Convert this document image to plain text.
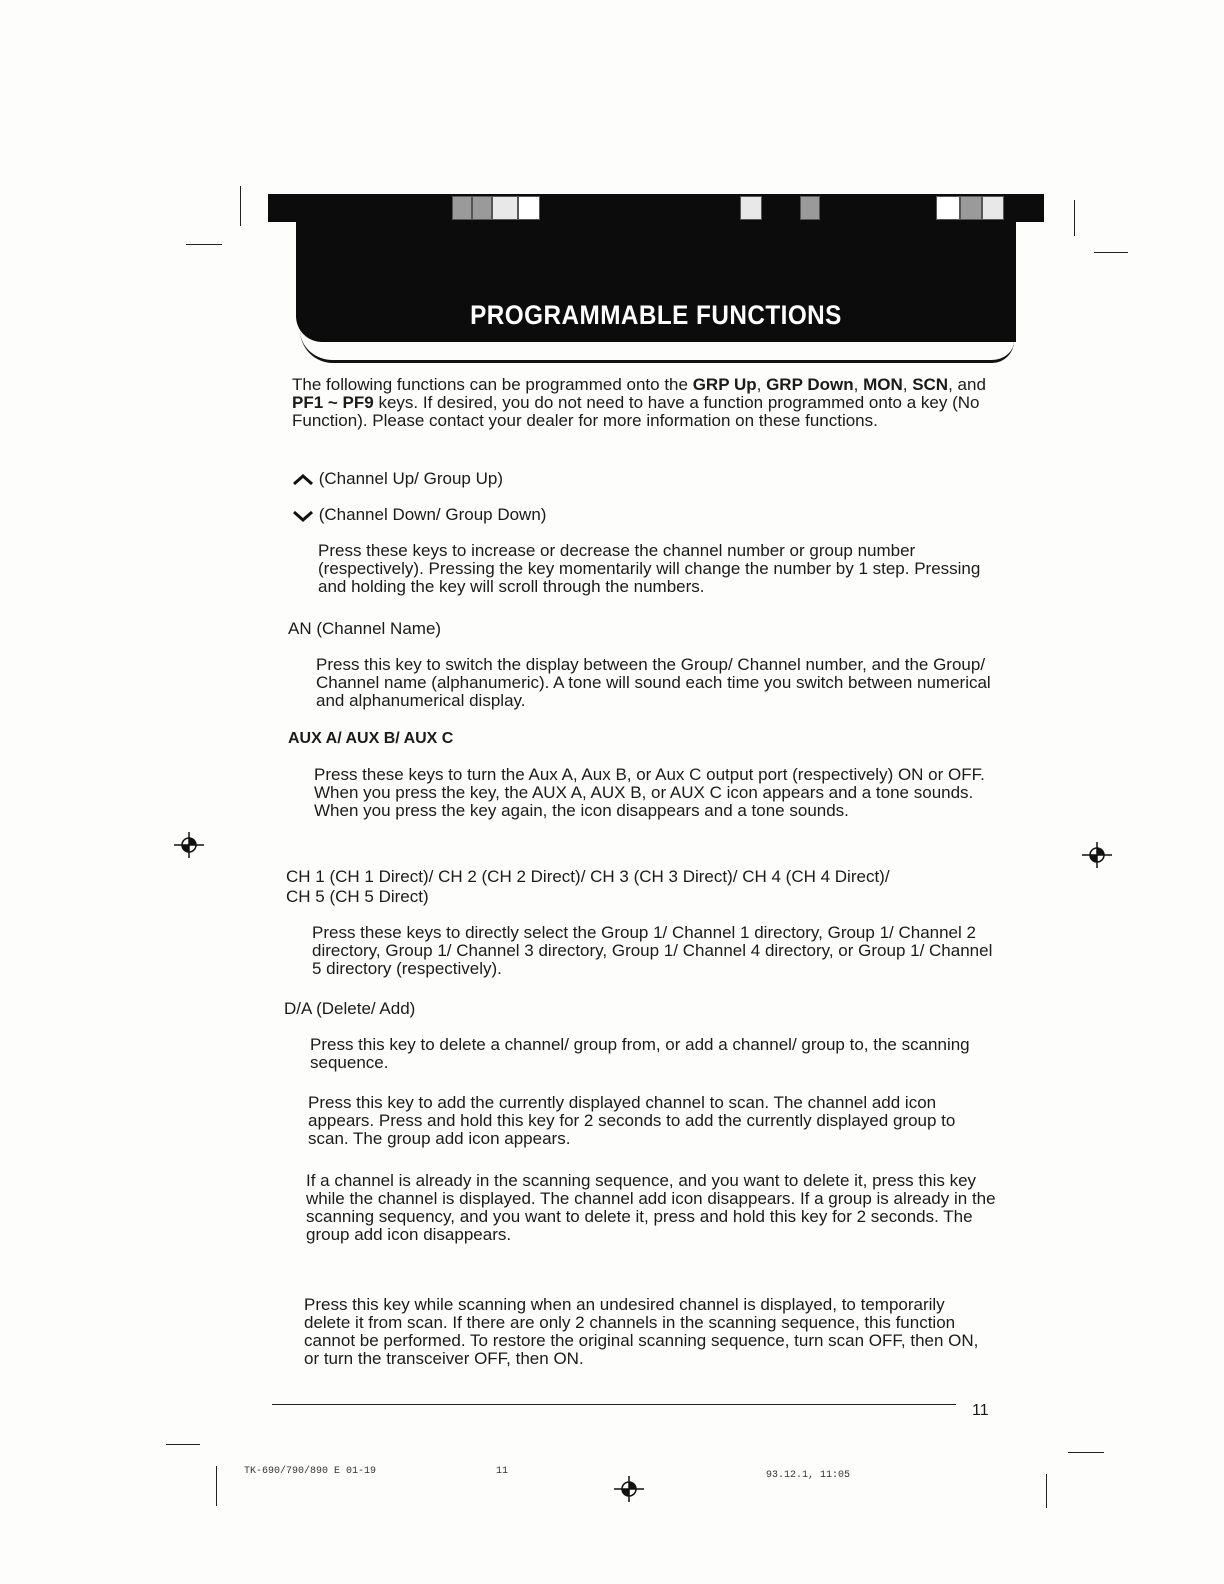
PROGRAMMABLE FUNCTIONS
The following functions can be programmed onto the GRP Up, GRP Down, MON, SCN, and PF1 ~ PF9 keys. If desired, you do not need to have a function programmed onto a key (No Function). Please contact your dealer for more information on these functions.
(Channel Up/ Group Up)
(Channel Down/ Group Down)
Press these keys to increase or decrease the channel number or group number (respectively). Pressing the key momentarily will change the number by 1 step. Pressing and holding the key will scroll through the numbers.
AN (Channel Name)
Press this key to switch the display between the Group/ Channel number, and the Group/ Channel name (alphanumeric). A tone will sound each time you switch between numerical and alphanumerical display.
AUX A/ AUX B/ AUX C
Press these keys to turn the Aux A, Aux B, or Aux C output port (respectively) ON or OFF. When you press the key, the AUX A, AUX B, or AUX C icon appears and a tone sounds. When you press the key again, the icon disappears and a tone sounds.
CH 1 (CH 1 Direct)/ CH 2 (CH 2 Direct)/ CH 3 (CH 3 Direct)/ CH 4 (CH 4 Direct)/
CH 5 (CH 5 Direct)
Press these keys to directly select the Group 1/ Channel 1 directory, Group 1/ Channel 2 directory, Group 1/ Channel 3 directory, Group 1/ Channel 4 directory, or Group 1/ Channel 5 directory (respectively).
D/A (Delete/ Add)
Press this key to delete a channel/ group from, or add a channel/ group to, the scanning sequence.
Press this key to add the currently displayed channel to scan. The channel add icon appears. Press and hold this key for 2 seconds to add the currently displayed group to scan. The group add icon appears.
If a channel is already in the scanning sequence, and you want to delete it, press this key while the channel is displayed. The channel add icon disappears. If a group is already in the scanning sequency, and you want to delete it, press and hold this key for 2 seconds. The group add icon disappears.
Press this key while scanning when an undesired channel is displayed, to temporarily delete it from scan. If there are only 2 channels in the scanning sequence, this function cannot be performed. To restore the original scanning sequence, turn scan OFF, then ON, or turn the transceiver OFF, then ON.
11
TK-690/790/890 E 01-19	11	93.12.1, 11:05
